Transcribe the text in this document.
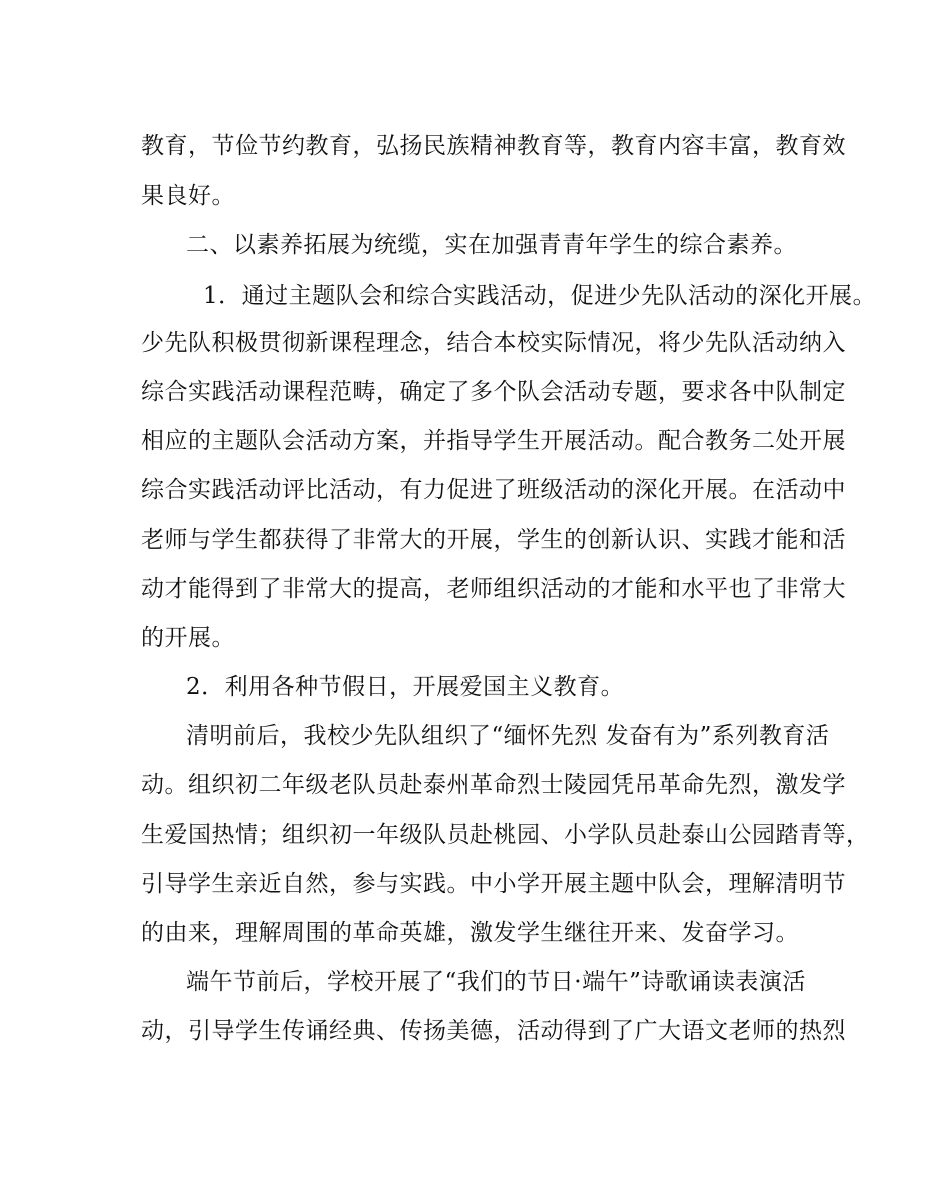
教育，节俭节约教育，弘扬民族精神教育等，教育内容丰富，教育效
果良好。
二、以素养拓展为统缆，实在加强青青年学生的综合素养。
1．通过主题队会和综合实践活动，促进少先队活动的深化开展。
少先队积极贯彻新课程理念，结合本校实际情况，将少先队活动纳入
综合实践活动课程范畴，确定了多个队会活动专题，要求各中队制定
相应的主题队会活动方案，并指导学生开展活动。配合教务二处开展
综合实践活动评比活动，有力促进了班级活动的深化开展。在活动中
老师与学生都获得了非常大的开展，学生的创新认识、实践才能和活
动才能得到了非常大的提高，老师组织活动的才能和水平也了非常大
的开展。
2．利用各种节假日，开展爱国主义教育。
清明前后，我校少先队组织了“缅怀先烈 发奋有为”系列教育活
动。组织初二年级老队员赴泰州革命烈士陵园凭吊革命先烈，激发学
生爱国热情；组织初一年级队员赴桃园、小学队员赴泰山公园踏青等，
引导学生亲近自然，参与实践。中小学开展主题中队会，理解清明节
的由来，理解周围的革命英雄，激发学生继往开来、发奋学习。
端午节前后，学校开展了“我们的节日·端午”诗歌诵读表演活
动，引导学生传诵经典、传扬美德，活动得到了广大语文老师的热烈
